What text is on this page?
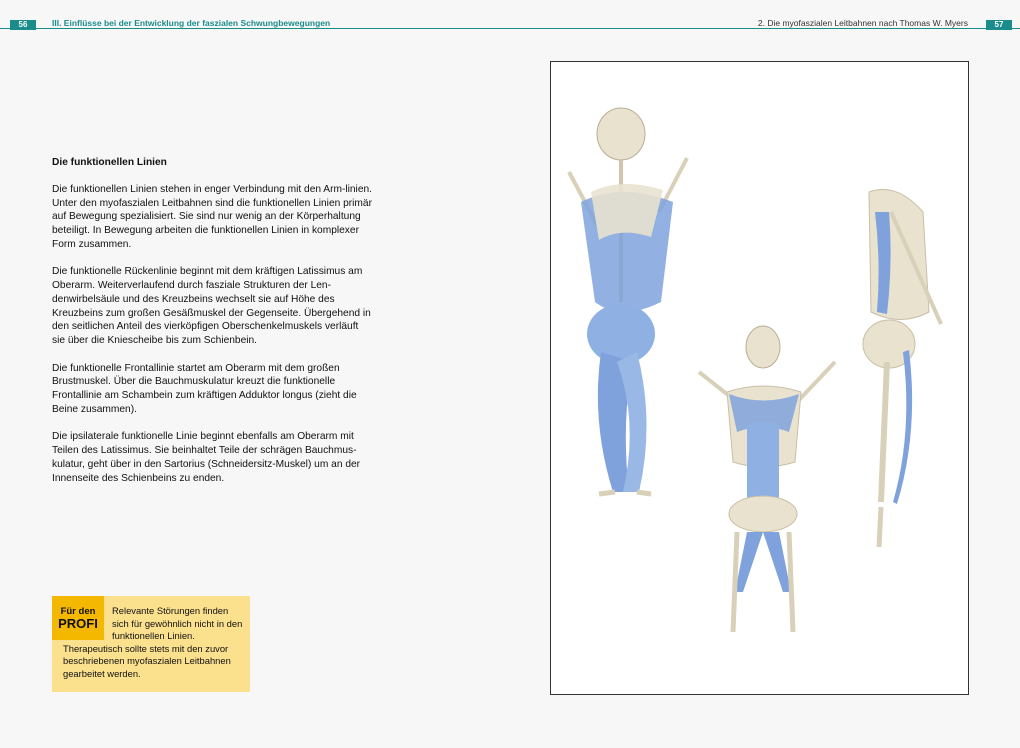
56	III. Einflüsse bei der Entwicklung der faszialen Schwungbewegungen	2. Die myofaszialen Leitbahnen nach Thomas W. Myers	57
Die funktionellen Linien

Die funktionellen Linien stehen in enger Verbindung mit den Arm-linien. Unter den myofaszialen Leitbahnen sind die funktionellen Linien primär auf Bewegung spezialisiert. Sie sind nur wenig an der Körperhaltung beteiligt. In Bewegung arbeiten die funktionellen Linien in komplexer Form zusammen.

Die funktionelle Rückenlinie beginnt mit dem kräftigen Latissimus am Oberarm. Weiterverlaufend durch fasziale Strukturen der Len-denwirbelsäule und des Kreuzbeins wechselt sie auf Höhe des Kreuzbeins zum großen Gesäßmuskel der Gegenseite. Übergehend in den seitlichen Anteil des vierköpfigen Oberschenkelmuskels verläuft sie über die Kniescheibe bis zum Schienbein.

Die funktionelle Frontallinie startet am Oberarm mit dem großen Brustmuskel. Über die Bauchmuskulatur kreuzt die funktionelle Frontallinie am Schambein zum kräftigen Adduktor longus (zieht die Beine zusammen).

Die ipsilaterale funktionelle Linie beginnt ebenfalls am Oberarm mit Teilen des Latissimus. Sie beinhaltet Teile der schrägen Bauchmus-kulatur, geht über in den Sartorius (Schneidersitz-Muskel) um an der Innenseite des Schienbeins zu enden.

Für den
PROFI
Relevante Störungen finden sich für gewöhnlich nicht in den funktionellen Linien.
Therapeutisch sollte stets mit den zuvor beschriebenen myofaszialen Leitbahnen gearbeitet werden.
